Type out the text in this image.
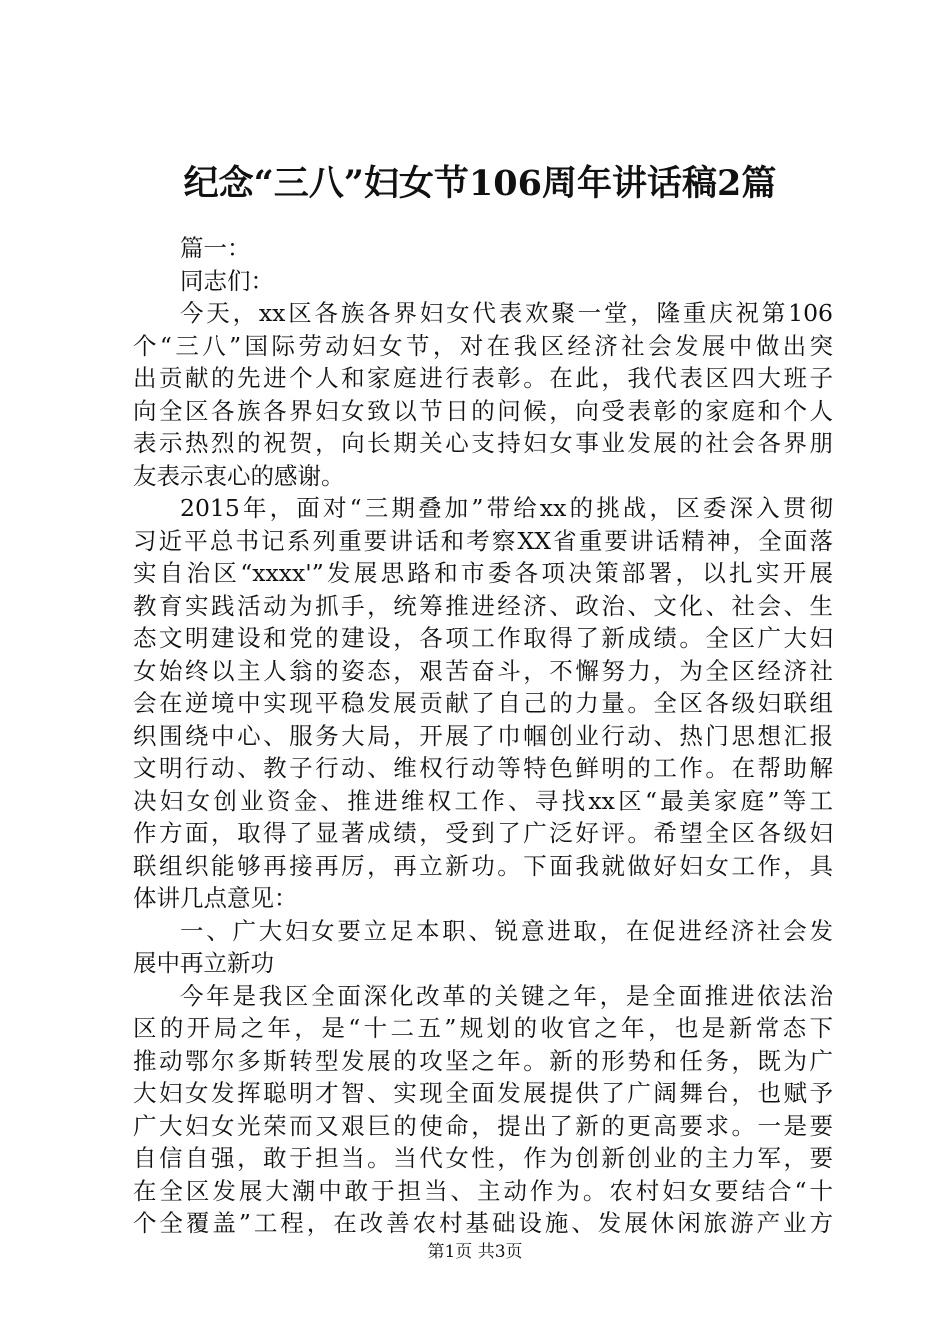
纪念“三八”妇女节106周年讲话稿2篇
篇一：
同志们：
今天，xx区各族各界妇女代表欢聚一堂，隆重庆祝第106
个“三八”国际劳动妇女节，对在我区经济社会发展中做出突
出贡献的先进个人和家庭进行表彰。在此，我代表区四大班子
向全区各族各界妇女致以节日的问候，向受表彰的家庭和个人
表示热烈的祝贺，向长期关心支持妇女事业发展的社会各界朋
友表示衷心的感谢。
2015年，面对“三期叠加”带给xx的挑战，区委深入贯彻
习近平总书记系列重要讲话和考察XX省重要讲话精神，全面落
实自治区“xxxx'”发展思路和市委各项决策部署，以扎实开展
教育实践活动为抓手，统筹推进经济、政治、文化、社会、生
态文明建设和党的建设，各项工作取得了新成绩。全区广大妇
女始终以主人翁的姿态，艰苦奋斗，不懈努力，为全区经济社
会在逆境中实现平稳发展贡献了自己的力量。全区各级妇联组
织围绕中心、服务大局，开展了巾帼创业行动、热门思想汇报
文明行动、教子行动、维权行动等特色鲜明的工作。在帮助解
决妇女创业资金、推进维权工作、寻找xx区“最美家庭”等工
作方面，取得了显著成绩，受到了广泛好评。希望全区各级妇
联组织能够再接再厉，再立新功。下面我就做好妇女工作，具
体讲几点意见：
一、广大妇女要立足本职、锐意进取，在促进经济社会发
展中再立新功
今年是我区全面深化改革的关键之年，是全面推进依法治
区的开局之年，是“十二五”规划的收官之年，也是新常态下
推动鄂尔多斯转型发展的攻坚之年。新的形势和任务，既为广
大妇女发挥聪明才智、实现全面发展提供了广阔舞台，也赋予
广大妇女光荣而又艰巨的使命，提出了新的更高要求。一是要
自信自强，敢于担当。当代女性，作为创新创业的主力军，要
在全区发展大潮中敢于担当、主动作为。农村妇女要结合“十
个全覆盖”工程，在改善农村基础设施、发展休闲旅游产业方
第1页 共3页
